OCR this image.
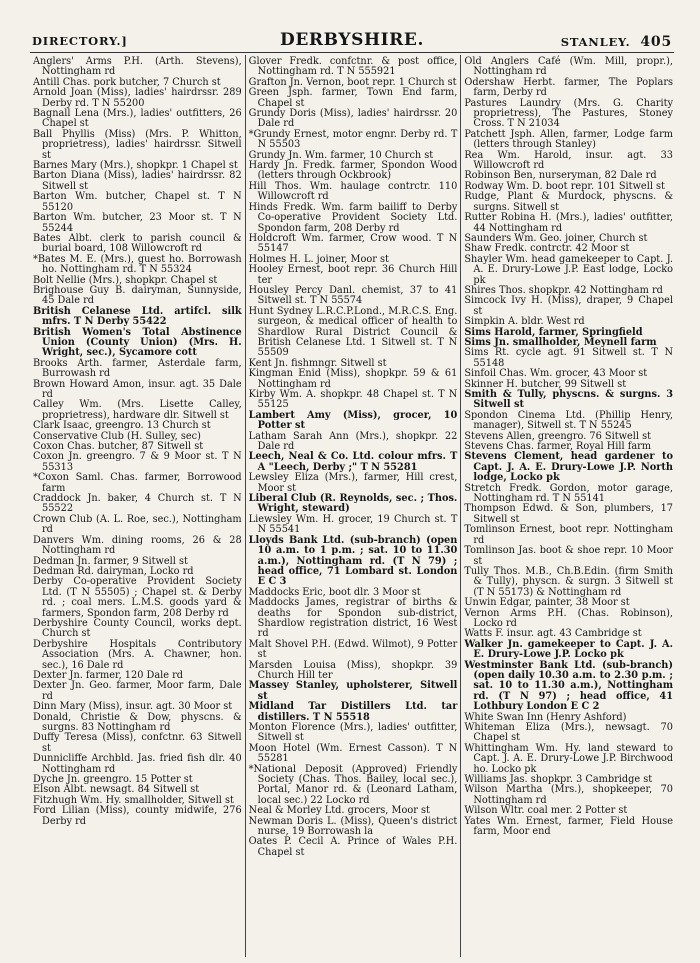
DIRECTORY.]	DERBYSHIRE.	STANLEY. 405
Anglers' Arms P.H. (Arth. Stevens), Nottingham rd
Antill Chas. pork butcher, 7 Church st
Arnold Joan (Miss), ladies' hairdrssr. 289 Derby rd. T N 55200
Bagnall Lena (Mrs.), ladies' outfitters, 26 Chapel st
Ball Phyllis (Miss) (Mrs. P. Whitton, proprietress), ladies' hairdrssr. Sitwell st
Barnes Mary (Mrs.), shopkpr. 1 Chapel st
Barton Diana (Miss), ladies' hairdrssr. 82 Sitwell st
Barton Wm. butcher, Chapel st. T N 55120
Barton Wm. butcher, 23 Moor st. T N 55244
Bates Albt. clerk to parish council & burial board, 108 Willowcroft rd
*Bates M. E. (Mrs.), guest ho. Borrowash ho. Nottingham rd. T N 55324
Bolt Nellie (Mrs.), shopkpr. Chapel st
Brighouse Guy B. dairyman, Sunnyside, 45 Dale rd
British Celanese Ltd. artifcl. silk mfrs. T N Derby 55422
British Women's Total Abstinence Union (County Union) (Mrs. H. Wright, sec.), Sycamore cott
Brooks Arth. farmer, Asterdale farm, Burrowash rd
Brown Howard Amon, insur. agt. 35 Dale rd
Calley Wm. (Mrs. Lisette Calley, proprietress), hardware dlr. Sitwell st
Clark Isaac, greengro. 13 Church st
Conservative Club (H. Sulley, sec)
Coxon Chas. butcher, 87 Sitwell st
Coxon Jn. greengro. 7 & 9 Moor st. T N 55313
*Coxon Saml. Chas. farmer, Borrowood farm
Craddock Jn. baker, 4 Church st. T N 55522
Crown Club (A. L. Roe, sec.), Nottingham rd
Danvers Wm. dining rooms, 26 & 28 Nottingham rd
Dedman Jn. farmer, 9 Sitwell st
Dedman Rd. dairyman, Locko rd
Derby Co-operative Provident Society Ltd. (T N 55505) ; Chapel st. & Derby rd. ; coal mers. L.M.S. goods yard & farmers, Spondon farm, 208 Derby rd
Derbyshire County Council, works dept. Church st
Derbyshire Hospitals Contributory Association (Mrs. A. Chawner, hon. sec.), 16 Dale rd
Dexter Jn. farmer, 120 Dale rd
Dexter Jn. Geo. farmer, Moor farm, Dale rd
Dinn Mary (Miss), insur. agt. 30 Moor st
Donald, Christie & Dow, physcns. & surgns. 83 Nottingham rd
Duffy Teresa (Miss), confctnr. 63 Sitwell st
Dunnicliffe Archbld. Jas. fried fish dlr. 40 Nottingham rd
Dyche Jn. greengro. 15 Potter st
Elson Albt. newsagt. 84 Sitwell st
Fitzhugh Wm. Hy. smallholder, Sitwell st
Ford Lilian (Miss), county midwife, 276 Derby rd
Glover Fredk. confctnr. & post office, Nottingham rd. T N 555921
Grafton Jn. Vernon, boot repr. 1 Church st
Green Jsph. farmer, Town End farm, Chapel st
Grundy Doris (Miss), ladies' hairdrssr. 20 Dale rd
*Grundy Ernest, motor engnr. Derby rd. T N 55503
Grundy Jn. Wm. farmer, 10 Church st
Hardy Jn. Fredk. farmer, Spondon Wood (letters through Ockbrook)
Hill Thos. Wm. haulage contrctr. 110 Willowcroft rd
Hinds Fredk. Wm. farm bailiff to Derby Co-operative Provident Society Ltd. Spondon farm, 208 Derby rd
Holdcroft Wm. farmer, Crow wood. T N 55147
Holmes H. L. joiner, Moor st
Hooley Ernest, boot repr. 36 Church Hill ter
Housley Percy Danl. chemist, 37 to 41 Sitwell st. T N 55574
Hunt Sydney L.R.C.P.Lond., M.R.C.S. Eng. surgeon, & medical officer of health to Shardlow Rural District Council & British Celanese Ltd. 1 Sitwell st. T N 55509
Kent Jn. fishmngr. Sitwell st
Kingman Enid (Miss), shopkpr. 59 & 61 Nottingham rd
Kirby Wm. A. shopkpr. 48 Chapel st. T N 55125
Lambert Amy (Miss), grocer, 10 Potter st
Latham Sarah Ann (Mrs.), shopkpr. 22 Dale rd
Leech, Neal & Co. Ltd. colour mfrs. T A "Leech, Derby ;" T N 55281
Lewsley Eliza (Mrs.), farmer, Hill crest, Moor st
Liberal Club (R. Reynolds, sec. ; Thos. Wright, steward)
Liewsley Wm. H. grocer, 19 Church st. T N 55541
Lloyds Bank Ltd. (sub-branch) (open 10 a.m. to 1 p.m. ; sat. 10 to 11.30 a.m.), Nottingham rd. (T N 79) ; head office, 71 Lombard st. London E C 3
Maddocks Eric, boot dlr. 3 Moor st
Maddocks James, registrar of births & deaths for Spondon sub-district, Shardlow registration district, 16 West rd
Malt Shovel P.H. (Edwd. Wilmot), 9 Potter st
Marsden Louisa (Miss), shopkpr. 39 Church Hill ter
Massey Stanley, upholsterer, Sitwell st
Midland Tar Distillers Ltd. tar distillers. T N 55518
Monton Florence (Mrs.), ladies' outfitter, Sitwell st
Moon Hotel (Wm. Ernest Casson). T N 55281
*National Deposit (Approved) Friendly Society (Chas. Thos. Bailey, local sec.), Portal, Manor rd. & (Leonard Latham, local sec.) 22 Locko rd
Neal & Morley Ltd. grocers, Moor st
Newman Doris L. (Miss), Queen's district nurse, 19 Borrowash la
Oates P. Cecil A. Prince of Wales P.H. Chapel st
Old Anglers Café (Wm. Mill, propr.), Nottingham rd
Odershaw Herbt. farmer, The Poplars farm, Derby rd
Pastures Laundry (Mrs. G. Charity proprietress), The Pastures, Stoney Cross. T N 21034
Patchett Jsph. Allen, farmer, Lodge farm (letters through Stanley)
Rea Wm. Harold, insur. agt. 33 Willowcroft rd
Robinson Ben, nurseryman, 82 Dale rd
Rodway Wm. D. boot repr. 101 Sitwell st
Rudge, Plant & Murdock, physcns. & surgns. Sitwell st
Rutter Robina H. (Mrs.), ladies' outfitter, 44 Nottingham rd
Saunders Wm. Geo. joiner, Church st
Shaw Fredk. contrctr. 42 Moor st
Shayler Wm. head gamekeeper to Capt. J. A. E. Drury-Lowe J.P. East lodge, Locko pk
Shires Thos. shopkpr. 42 Nottingham rd
Simcock Ivy H. (Miss), draper, 9 Chapel st
Simpkin A. bldr. West rd
Sims Harold, farmer, Springfield
Sims Jn. smallholder, Meynell farm
Sims Rt. cycle agt. 91 Sitwell st. T N 55148
Sinfoil Chas. Wm. grocer, 43 Moor st
Skinner H. butcher, 99 Sitwell st
Smith & Tully, physcns. & surgns. 3 Sitwell st
Spondon Cinema Ltd. (Phillip Henry, manager), Sitwell st. T N 55245
Stevens Allen, greengro. 76 Sitwell st
Stevens Chas. farmer, Royal Hill farm
Stevens Clement, head gardener to Capt. J. A. E. Drury-Lowe J.P. North lodge, Locko pk
Stretch Fredk. Gordon, motor garage, Nottingham rd. T N 55141
Thompson Edwd. & Son, plumbers, 17 Sitwell st
Tomlinson Ernest, boot repr. Nottingham rd
Tomlinson Jas. boot & shoe repr. 10 Moor st
Tully Thos. M.B., Ch.B.Edin. (firm Smith & Tully), physcn. & surgn. 3 Sitwell st (T N 55173) & Nottingham rd
Unwin Edgar, painter, 38 Moor st
Vernon Arms P.H. (Chas. Robinson), Locko rd
Watts F. insur. agt. 43 Cambridge st
Walker Jn. gamekeeper to Capt. J. A. E. Drury-Lowe J.P. Locko pk
Westminster Bank Ltd. (sub-branch) (open daily 10.30 a.m. to 2.30 p.m. ; sat. 10 to 11.30 a.m.), Nottingham rd. (T N 97) ; head office, 41 Lothbury London E C 2
White Swan Inn (Henry Ashford)
Whiteman Eliza (Mrs.), newsagt. 70 Chapel st
Whittingham Wm. Hy. land steward to Capt. J. A. E. Drury-Lowe J.P. Birchwood ho. Locko pk
Williams Jas. shopkpr. 3 Cambridge st
Wilson Martha (Mrs.), shopkeeper, 70 Nottingham rd
Wilson Wltr. coal mer. 2 Potter st
Yates Wm. Ernest, farmer, Field House farm, Moor end
